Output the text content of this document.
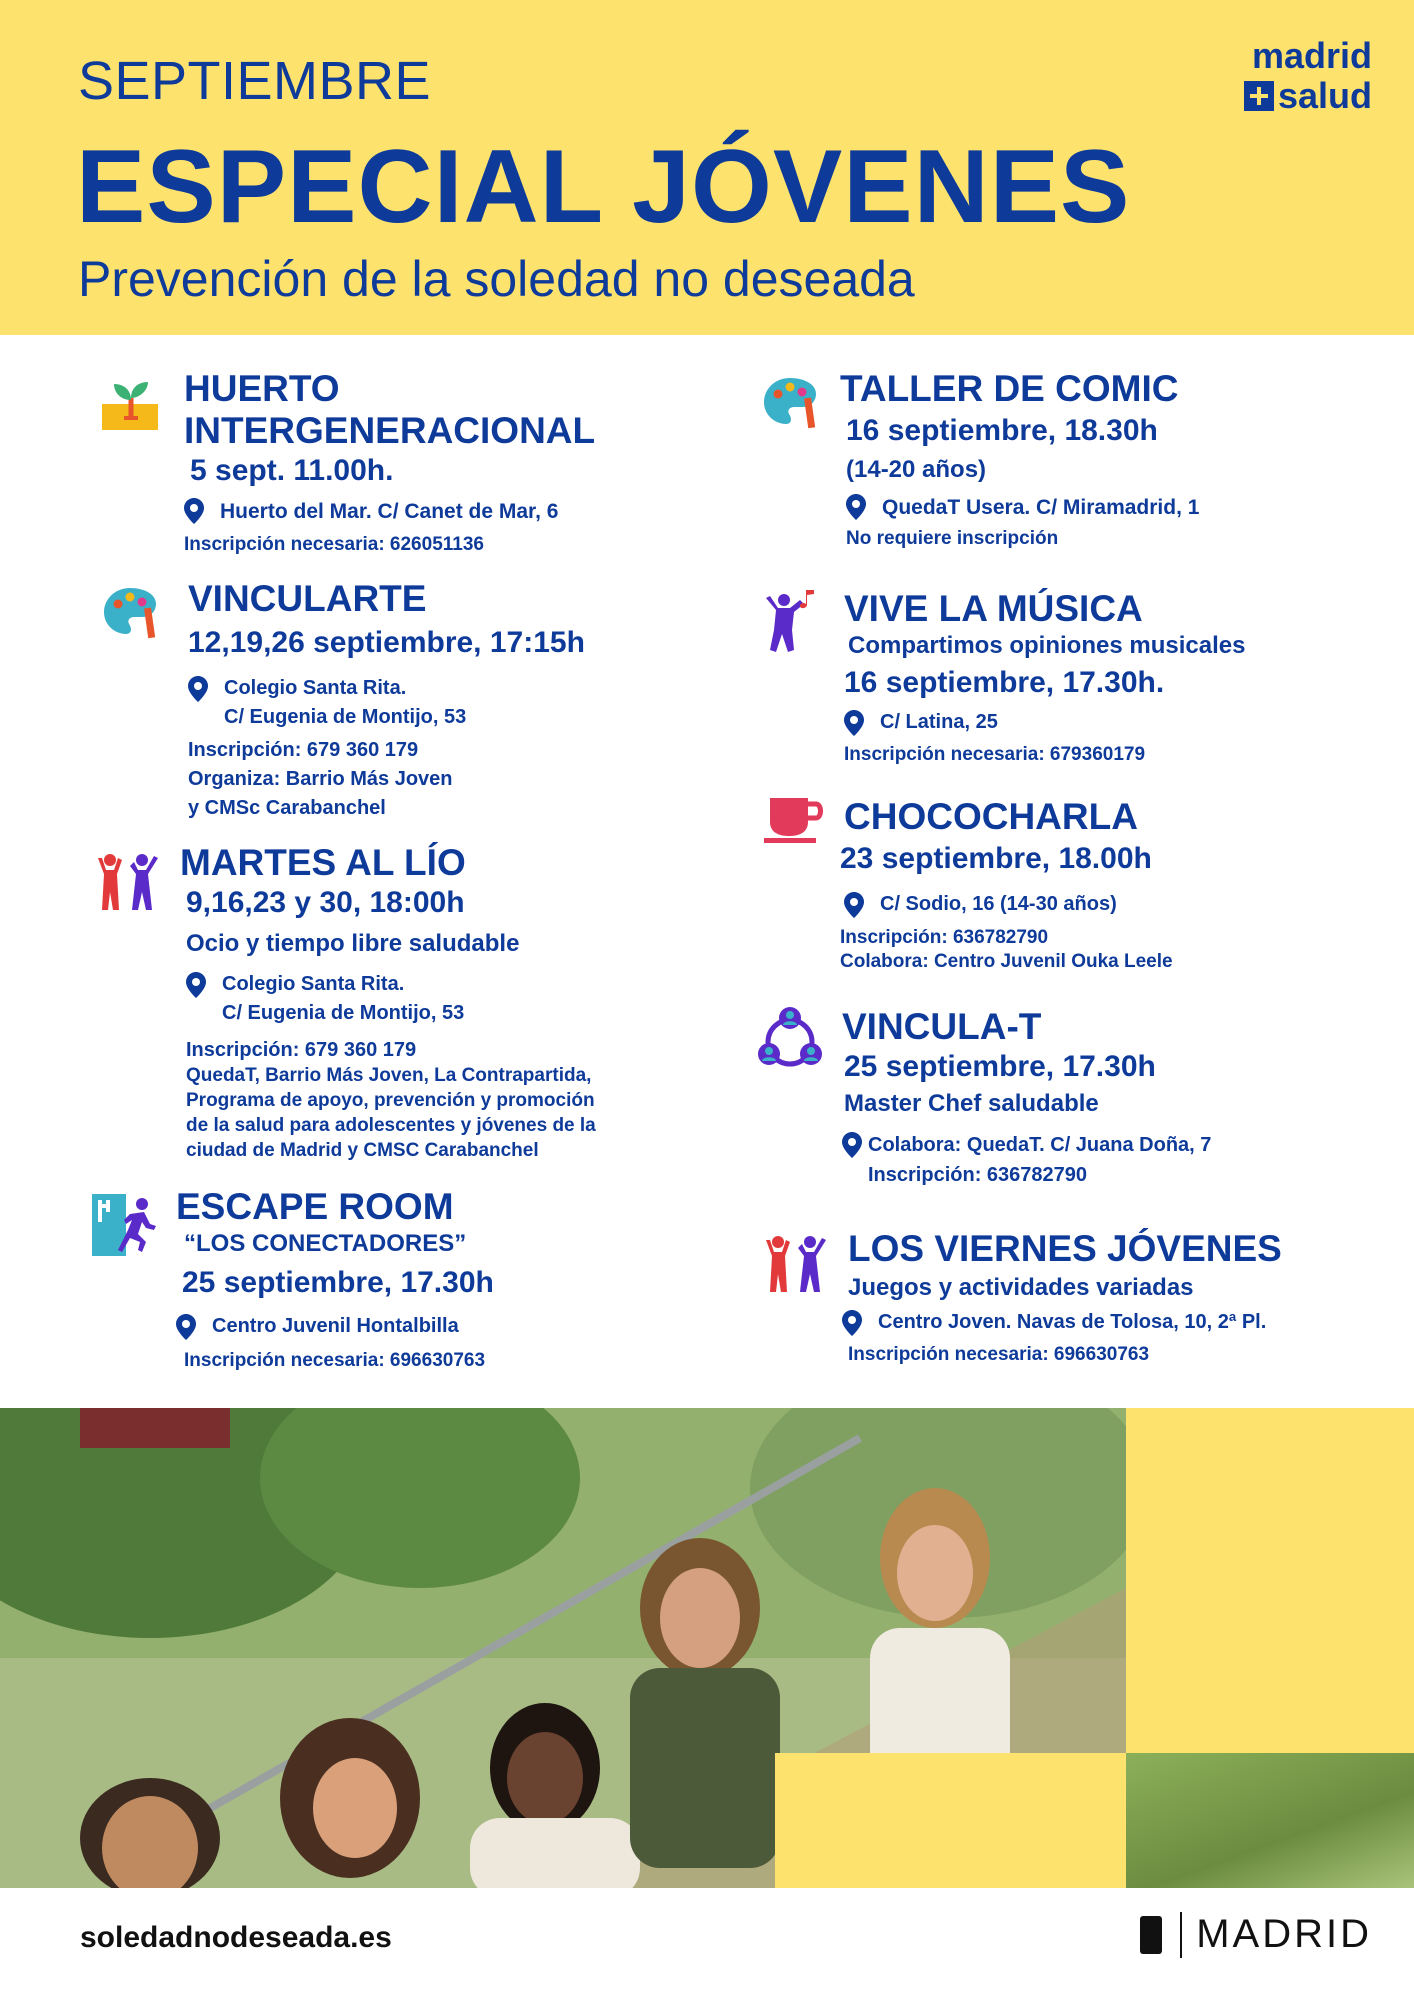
SEPTIEMBRE
ESPECIAL JÓVENES
Prevención de la soledad no deseada
madrid
salud
HUERTO
INTERGENERACIONAL
5 sept. 11.00h.
Huerto del Mar. C/ Canet de Mar, 6
Inscripción necesaria: 626051136
VINCULARTE
12,19,26 septiembre, 17:15h
Colegio Santa Rita.
C/ Eugenia de Montijo, 53
Inscripción: 679 360 179
Organiza: Barrio Más Joven
y CMSc Carabanchel
MARTES AL LÍO
9,16,23 y 30, 18:00h
Ocio y tiempo libre saludable
Colegio Santa Rita.
C/ Eugenia de Montijo, 53
Inscripción: 679 360 179
QuedaT, Barrio Más Joven, La Contrapartida,
Programa de apoyo, prevención y promoción
de la salud para adolescentes y jóvenes de la
ciudad de Madrid y CMSC Carabanchel
ESCAPE ROOM
“LOS CONECTADORES”
25 septiembre, 17.30h
Centro Juvenil Hontalbilla
Inscripción necesaria: 696630763
TALLER DE COMIC
16 septiembre, 18.30h
(14-20 años)
QuedaT Usera. C/ Miramadrid, 1
No requiere inscripción
VIVE LA MÚSICA
Compartimos opiniones musicales
16 septiembre, 17.30h.
C/ Latina, 25
Inscripción necesaria: 679360179
CHOCOCHARLA
23 septiembre, 18.00h
C/ Sodio, 16 (14-30 años)
Inscripción: 636782790
Colabora: Centro Juvenil Ouka Leele
VINCULA-T
25 septiembre, 17.30h
Master Chef saludable
Colabora: QuedaT. C/ Juana Doña, 7
Inscripción: 636782790
LOS VIERNES JÓVENES
Juegos y actividades variadas
Centro Joven. Navas de Tolosa, 10, 2ª Pl.
Inscripción necesaria: 696630763
soledadnodeseada.es	MADRID
